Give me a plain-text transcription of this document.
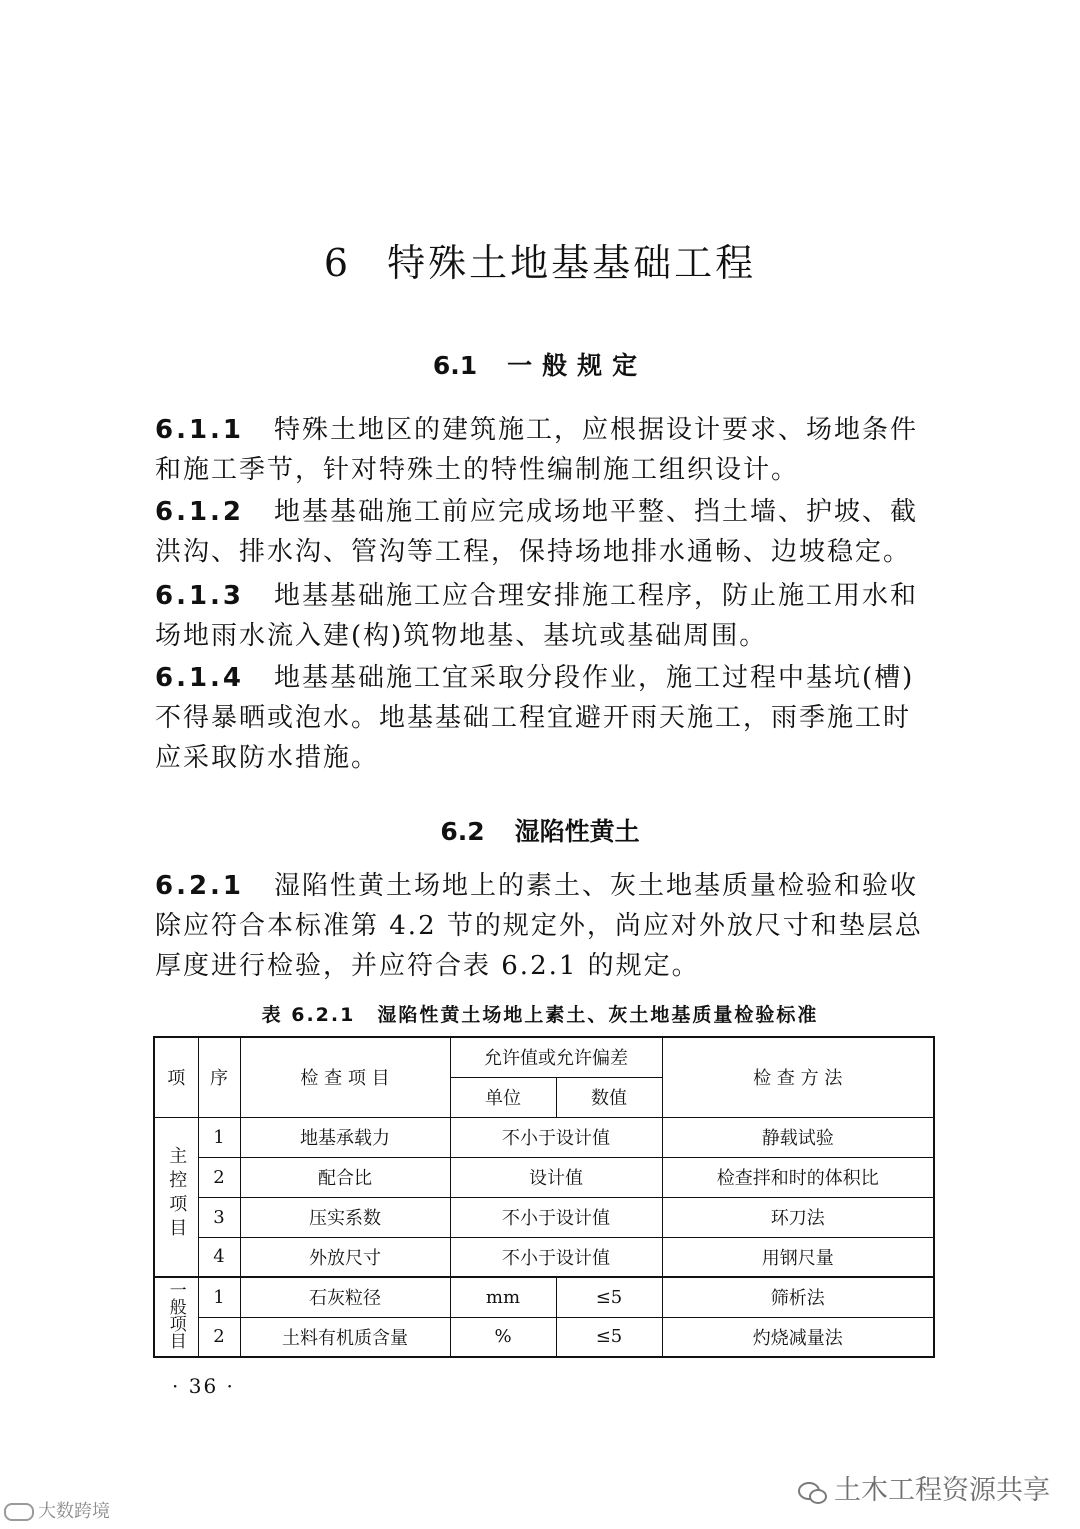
6 特殊土地基基础工程
6.1 一般规定
6.1.1 特殊土地区的建筑施工，应根据设计要求、场地条件和施工季节，针对特殊土的特性编制施工组织设计。
6.1.2 地基基础施工前应完成场地平整、挡土墙、护坡、截洪沟、排水沟、管沟等工程，保持场地排水通畅、边坡稳定。
6.1.3 地基基础施工应合理安排施工程序，防止施工用水和场地雨水流入建(构)筑物地基、基坑或基础周围。
6.1.4 地基基础施工宜采取分段作业，施工过程中基坑(槽)不得暴晒或泡水。地基基础工程宜避开雨天施工，雨季施工时应采取防水措施。
6.2 湿陷性黄土
6.2.1 湿陷性黄土场地上的素土、灰土地基质量检验和验收除应符合本标准第 4.2 节的规定外，尚应对外放尺寸和垫层总厚度进行检验，并应符合表 6.2.1 的规定。
表 6.2.1 湿陷性黄土场地上素土、灰土地基质量检验标准
项	序	检 查 项 目	允许值或允许偏差		检 查 方 法
			单位	数值	
主控项目	1	地基承载力	不小于设计值		静载试验
	2	配合比	设计值		检查拌和时的体积比
	3	压实系数	不小于设计值		环刀法
	4	外放尺寸	不小于设计值		用钢尺量
一般项目	1	石灰粒径	mm	≤5	筛析法
	2	土料有机质含量	%	≤5	灼烧减量法
· 36 ·
大数跨境
土木工程资源共享
